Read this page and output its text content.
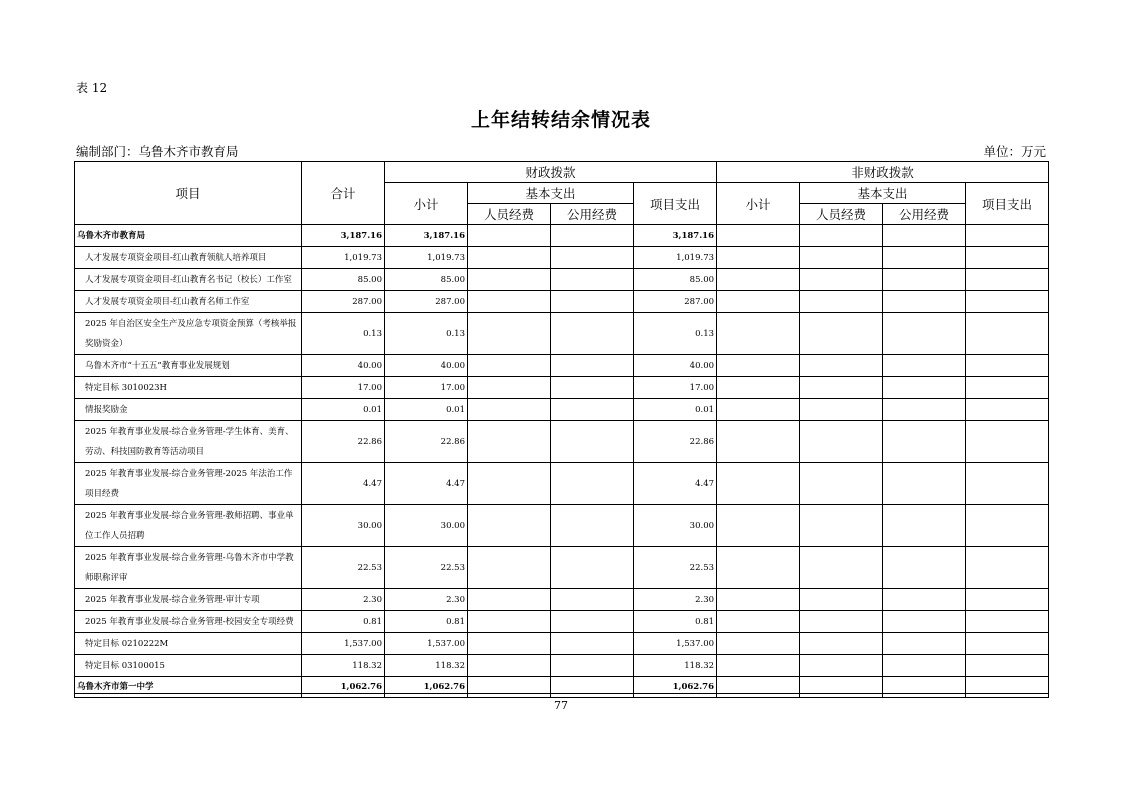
表 12
上年结转结余情况表
编制部门：乌鲁木齐市教育局	单位：万元
项目	合计	财政拨款				非财政拨款			
		小计	基本支出		项目支出	小计	基本支出		项目支出
			人员经费	公用经费			人员经费	公用经费	
乌鲁木齐市教育局	3,187.16	3,187.16			3,187.16				
人才发展专项资金项目-红山教育领航人培养项目	1,019.73	1,019.73			1,019.73				
人才发展专项资金项目-红山教育名书记（校长）工作室	85.00	85.00			85.00				
人才发展专项资金项目-红山教育名师工作室	287.00	287.00			287.00				
2025 年自治区安全生产及应急专项资金预算（考核举报奖励资金）	0.13	0.13			0.13				
乌鲁木齐市“十五五”教育事业发展规划	40.00	40.00			40.00				
特定目标 3010023H	17.00	17.00			17.00				
情报奖励金	0.01	0.01			0.01				
2025 年教育事业发展-综合业务管理-学生体育、美育、劳动、科技国防教育等活动项目	22.86	22.86			22.86				
2025 年教育事业发展-综合业务管理-2025 年法治工作项目经费	4.47	4.47			4.47				
2025 年教育事业发展-综合业务管理-教师招聘、事业单位工作人员招聘	30.00	30.00			30.00				
2025 年教育事业发展-综合业务管理-乌鲁木齐市中学教师职称评审	22.53	22.53			22.53				
2025 年教育事业发展-综合业务管理-审计专项	2.30	2.30			2.30				
2025 年教育事业发展-综合业务管理-校园安全专项经费	0.81	0.81			0.81				
特定目标 0210222M	1,537.00	1,537.00			1,537.00				
特定目标 03100015	118.32	118.32			118.32				
乌鲁木齐市第一中学	1,062.76	1,062.76			1,062.76				
77
